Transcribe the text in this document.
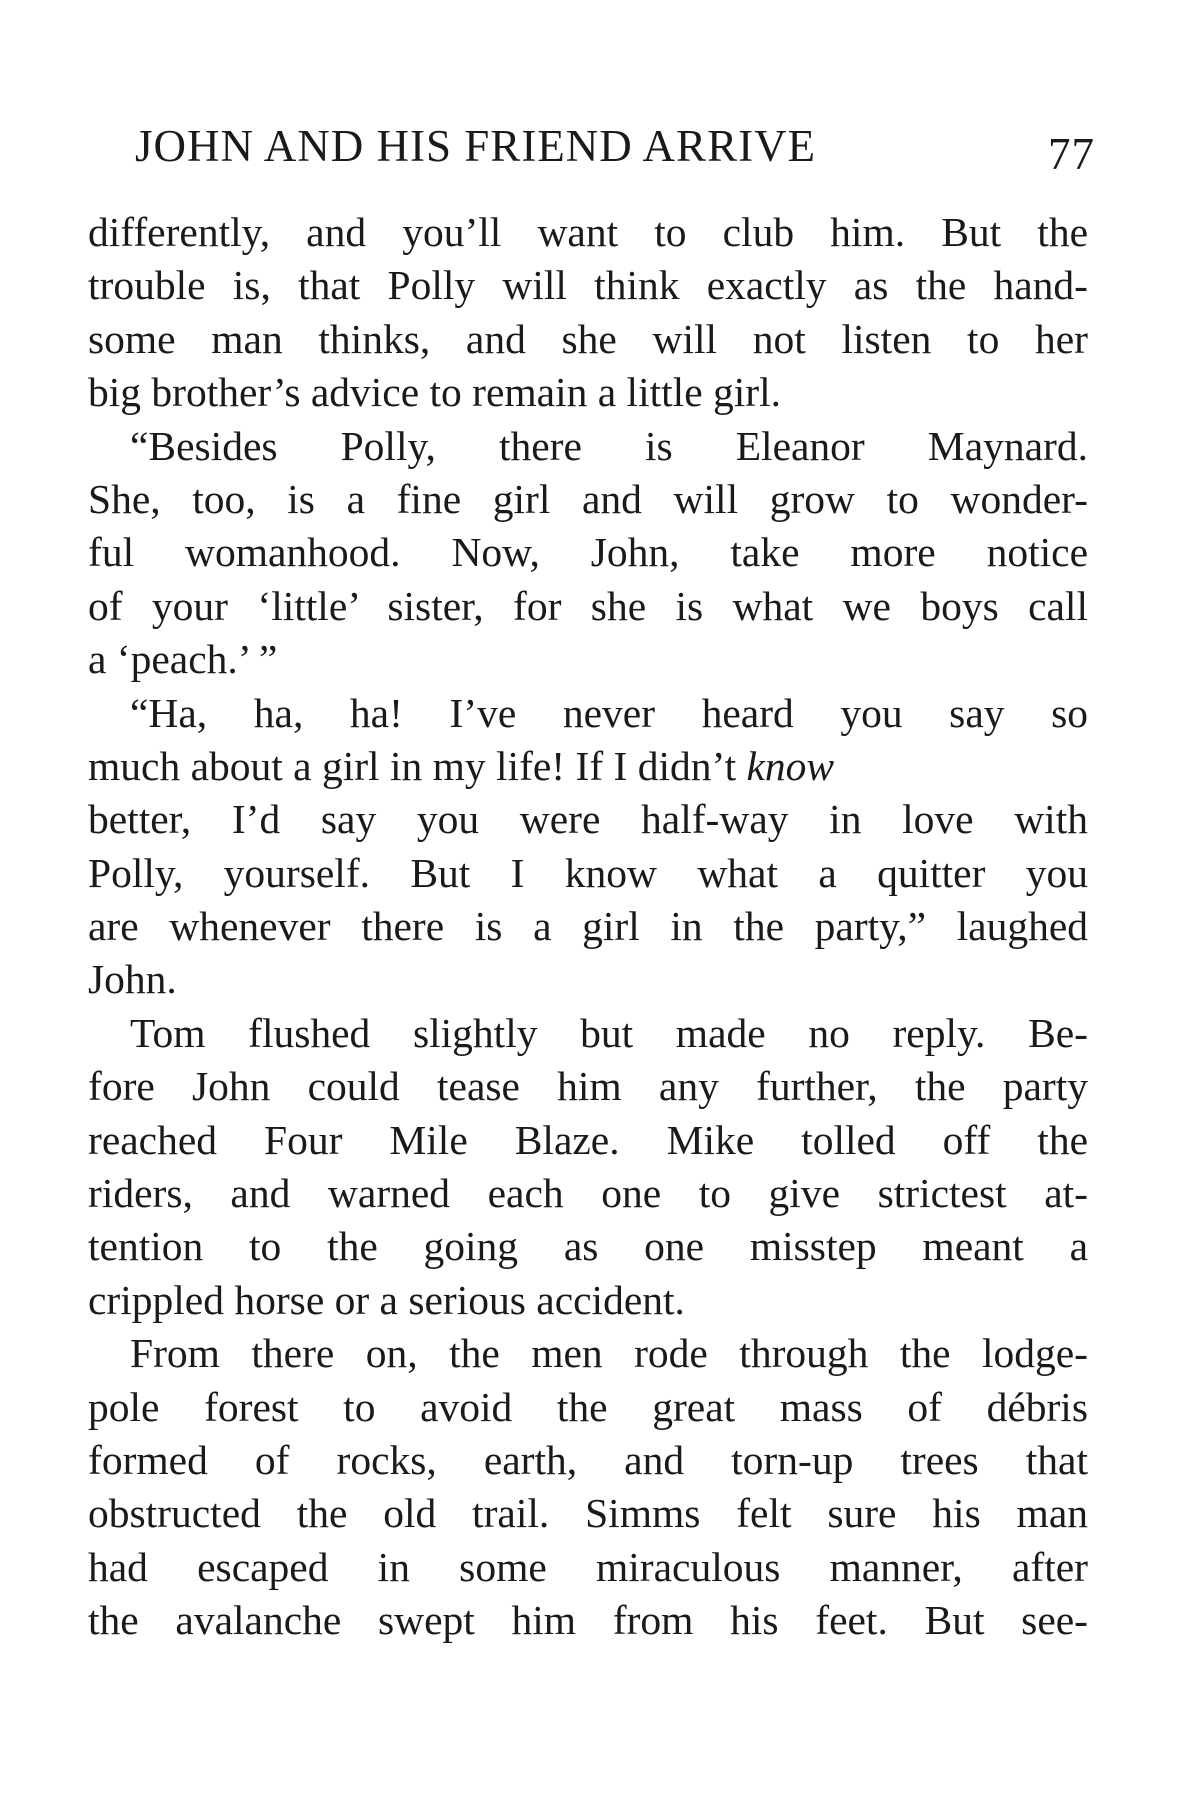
JOHN AND HIS FRIEND ARRIVE	77
differently, and you’ll want to club him. But the
trouble is, that Polly will think exactly as the hand-
some man thinks, and she will not listen to her
big brother’s advice to remain a little girl.
“Besides Polly, there is Eleanor Maynard.
She, too, is a fine girl and will grow to wonder-
ful womanhood. Now, John, take more notice
of your ‘little’ sister, for she is what we boys call
a ‘peach.’ ”
“Ha, ha, ha! I’ve never heard you say so
much about a girl in my life! If I didn’t know
better, I’d say you were half-way in love with
Polly, yourself. But I know what a quitter you
are whenever there is a girl in the party,” laughed
John.
Tom flushed slightly but made no reply. Be-
fore John could tease him any further, the party
reached Four Mile Blaze. Mike tolled off the
riders, and warned each one to give strictest at-
tention to the going as one misstep meant a
crippled horse or a serious accident.
From there on, the men rode through the lodge-
pole forest to avoid the great mass of débris
formed of rocks, earth, and torn-up trees that
obstructed the old trail. Simms felt sure his man
had escaped in some miraculous manner, after
the avalanche swept him from his feet. But see-
